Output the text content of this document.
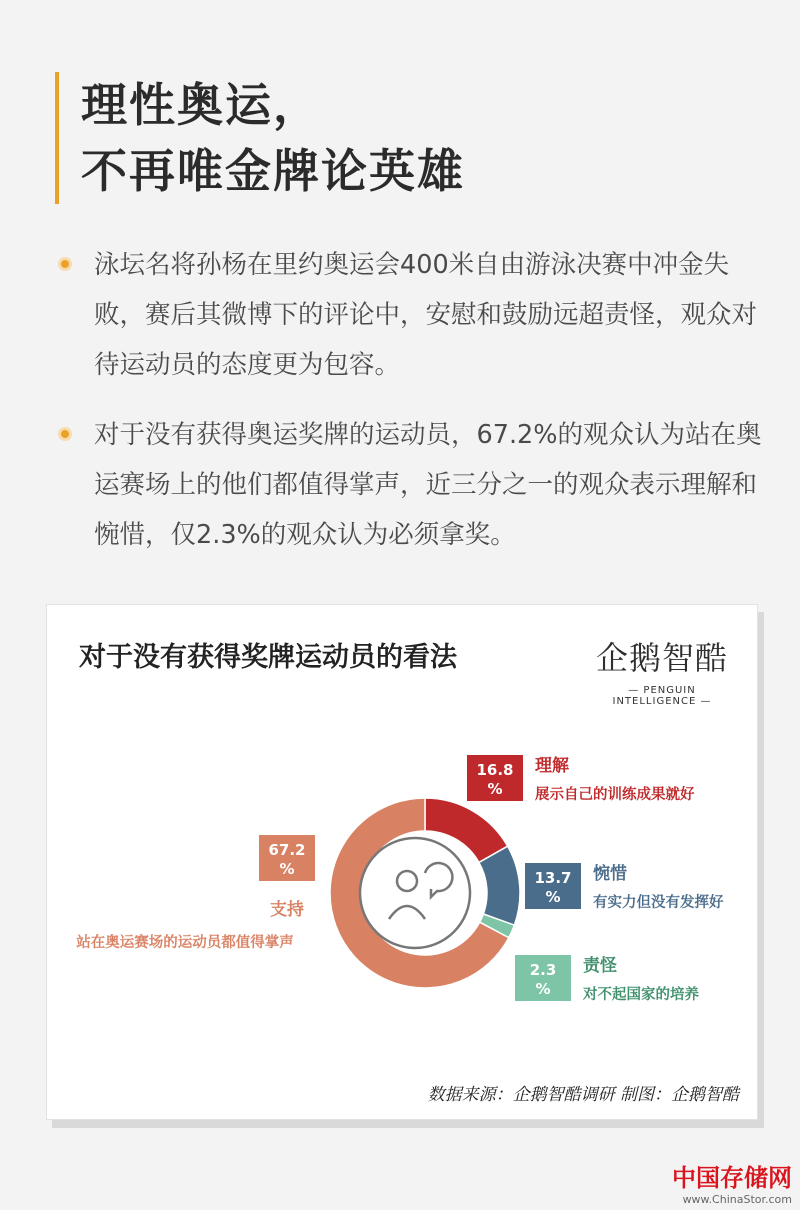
理性奥运，
不再唯金牌论英雄
泳坛名将孙杨在里约奥运会400米自由游泳决赛中冲金失败，赛后其微博下的评论中，安慰和鼓励远超责怪，观众对待运动员的态度更为包容。
对于没有获得奥运奖牌的运动员，67.2%的观众认为站在奥运赛场上的他们都值得掌声，近三分之一的观众表示理解和惋惜，仅2.3%的观众认为必须拿奖。
对于没有获得奖牌运动员的看法	企鹅智酷
— PENGUIN INTELLIGENCE —
16.8
%
理解
展示自己的训练成果就好
13.7
%
惋惜
有实力但没有发挥好
2.3
%
责怪
对不起国家的培养
67.2
%
支持
站在奥运赛场的运动员都值得掌声
数据来源：企鹅智酷调研 制图：企鹅智酷
中国存储网
www.ChinaStor.com
